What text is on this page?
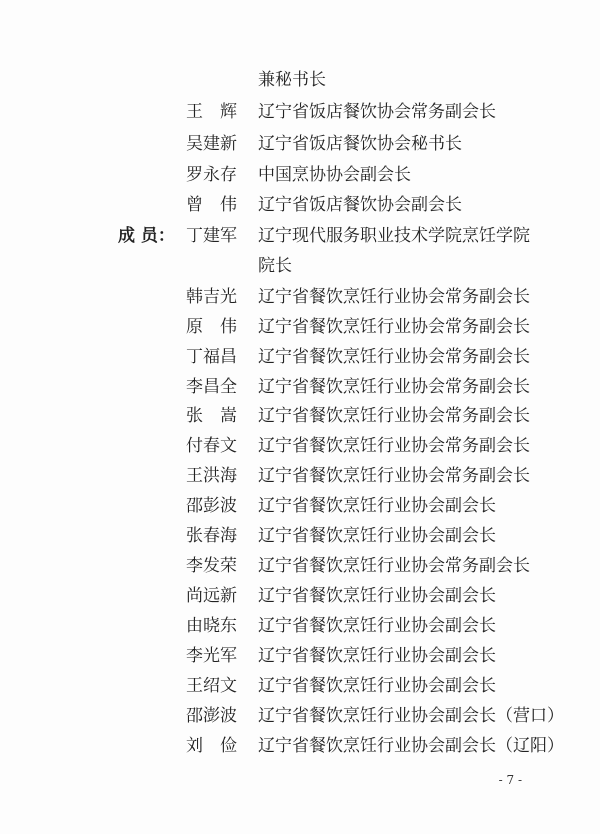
兼秘书长
王　辉 辽宁省饭店餐饮协会常务副会长
吴建新 辽宁省饭店餐饮协会秘书长
罗永存 中国烹协协会副会长
曾　伟 辽宁省饭店餐饮协会副会长
成 员： 丁建军 辽宁现代服务职业技术学院烹饪学院
院长
韩吉光 辽宁省餐饮烹饪行业协会常务副会长
原　伟 辽宁省餐饮烹饪行业协会常务副会长
丁福昌 辽宁省餐饮烹饪行业协会常务副会长
李昌全 辽宁省餐饮烹饪行业协会常务副会长
张　嵩 辽宁省餐饮烹饪行业协会常务副会长
付春文 辽宁省餐饮烹饪行业协会常务副会长
王洪海 辽宁省餐饮烹饪行业协会常务副会长
邵彭波 辽宁省餐饮烹饪行业协会副会长
张春海 辽宁省餐饮烹饪行业协会副会长
李发荣 辽宁省餐饮烹饪行业协会常务副会长
尚远新 辽宁省餐饮烹饪行业协会副会长
由晓东 辽宁省餐饮烹饪行业协会副会长
李光军 辽宁省餐饮烹饪行业协会副会长
王绍文 辽宁省餐饮烹饪行业协会副会长
邵澎波 辽宁省餐饮烹饪行业协会副会长（营口）
刘　俭 辽宁省餐饮烹饪行业协会副会长（辽阳）
- 7 -
